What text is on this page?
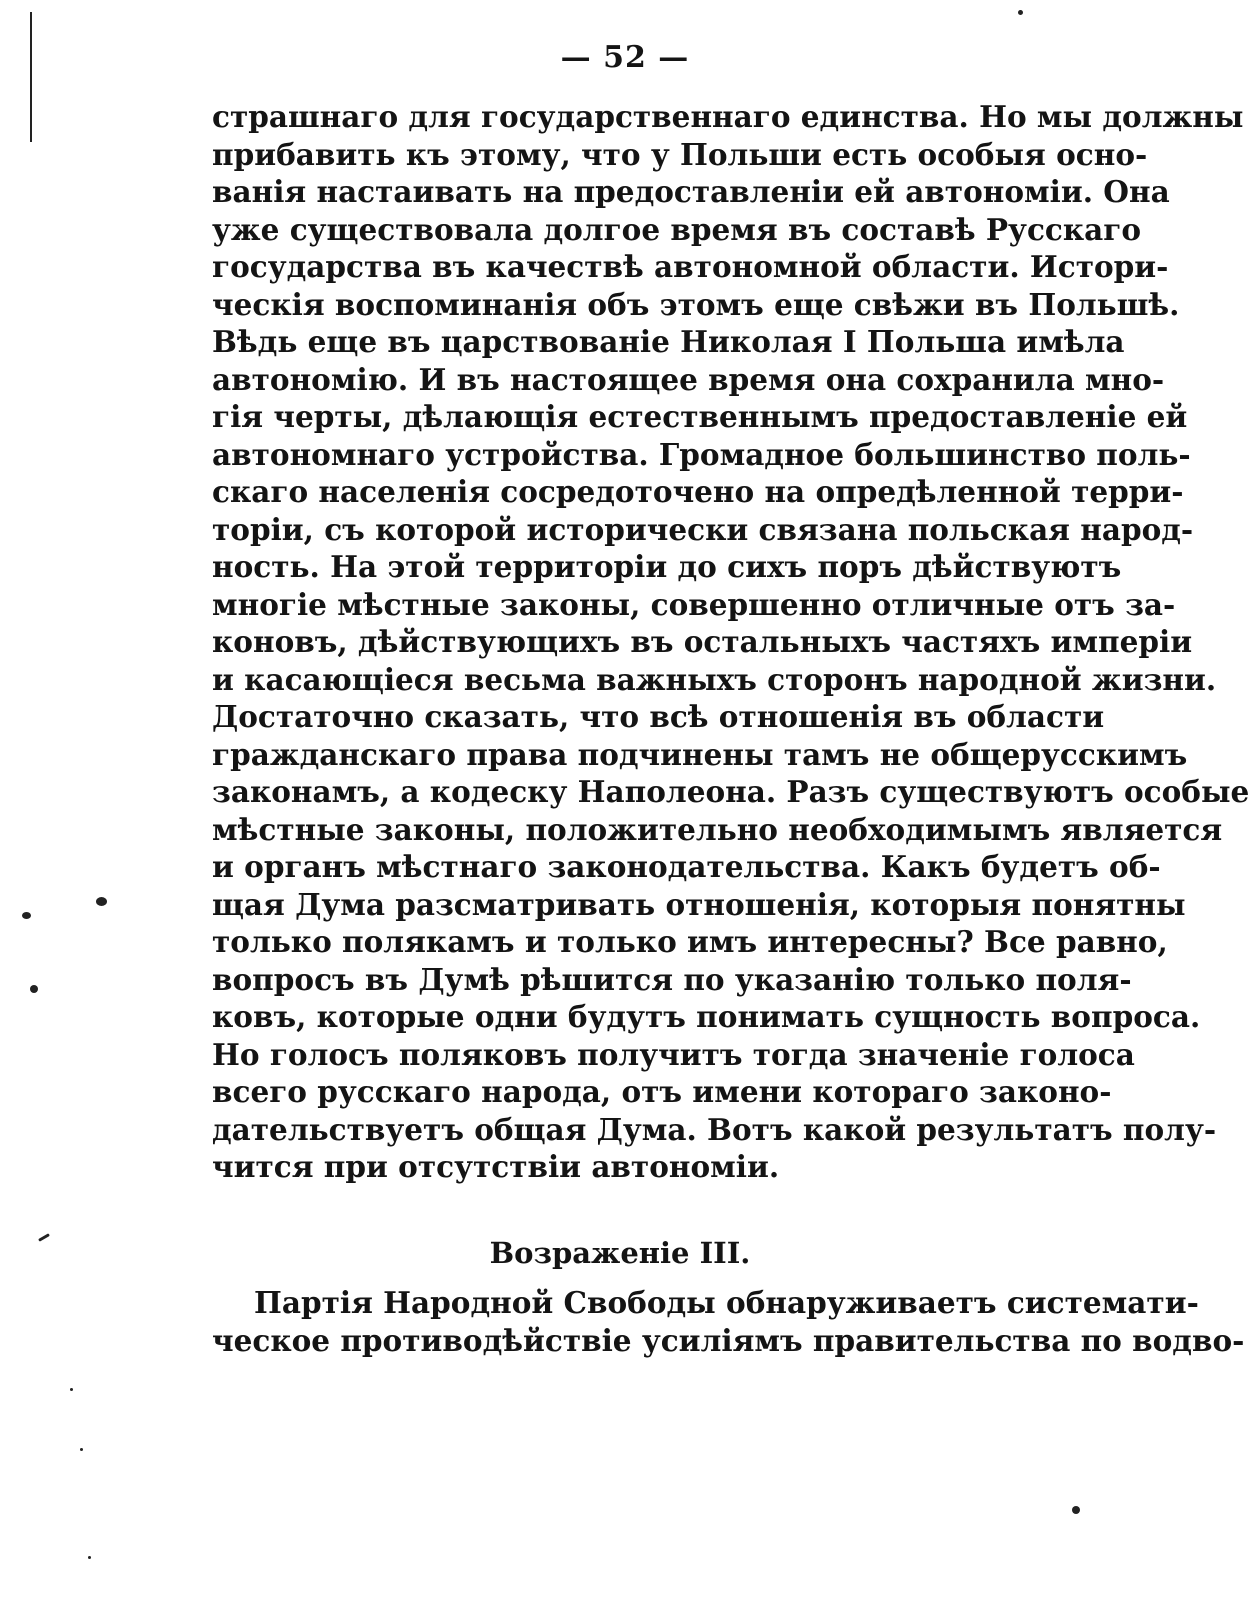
— 52 —
страшнаго для государственнаго единства. Но мы должны
прибавить къ этому, что у Польши есть особыя осно-
ванія настаивать на предоставленіи ей автономіи. Она
уже существовала долгое время въ составѣ Русскаго
государства въ качествѣ автономной области. Истори-
ческія воспоминанія объ этомъ еще свѣжи въ Польшѣ.
Вѣдь еще въ царствованіе Николая I Польша имѣла
автономію. И въ настоящее время она сохранила мно-
гія черты, дѣлающія естественнымъ предоставленіе ей
автономнаго устройства. Громадное большинство поль-
скаго населенія сосредоточено на опредѣленной терри-
торіи, съ которой исторически связана польская народ-
ность. На этой территоріи до сихъ поръ дѣйствуютъ
многіе мѣстные законы, совершенно отличные отъ за-
коновъ, дѣйствующихъ въ остальныхъ частяхъ имперіи
и касающіеся весьма важныхъ сторонъ народной жизни.
Достаточно сказать, что всѣ отношенія въ области
гражданскаго права подчинены тамъ не общерусскимъ
законамъ, а кодеску Наполеона. Разъ существуютъ особые
мѣстные законы, положительно необходимымъ является
и органъ мѣстнаго законодательства. Какъ будетъ об-
щая Дума разсматривать отношенія, которыя понятны
только полякамъ и только имъ интересны? Все равно,
вопросъ въ Думѣ рѣшится по указанію только поля-
ковъ, которые одни будутъ понимать сущность вопроса.
Но голосъ поляковъ получитъ тогда значеніе голоса
всего русскаго народа, отъ имени котораго законо-
дательствуетъ общая Дума. Вотъ какой результатъ полу-
чится при отсутствіи автономіи.
Возраженіе III.
Партія Народной Свободы обнаруживаетъ системати-
ческое противодѣйствіе усиліямъ правительства по водво-
